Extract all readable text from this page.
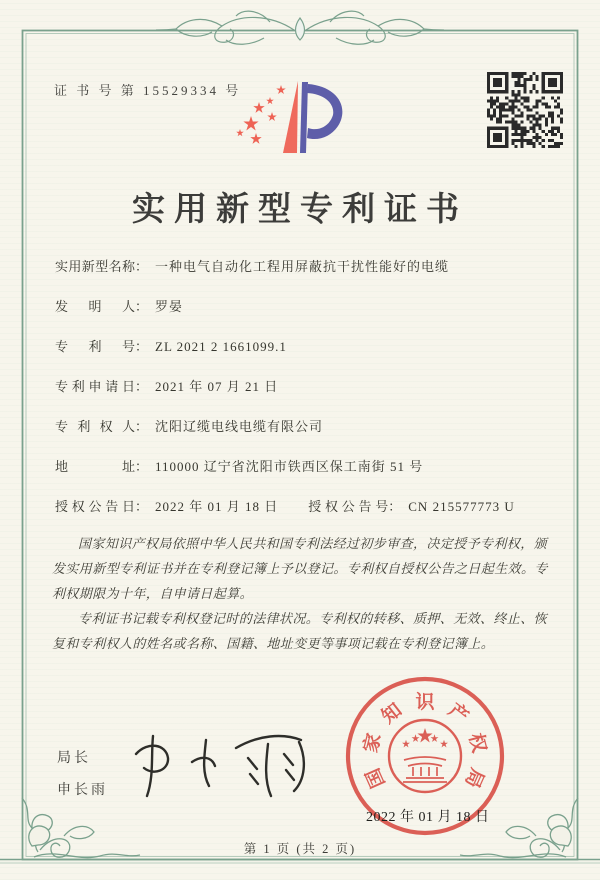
证 书 号 第 15529334 号
实用新型专利证书
实用新型名称： 一种电气自动化工程用屏蔽抗干扰性能好的电缆
发明人： 罗晏
专利号： ZL 2021 2 1661099.1
专利申请日： 2021 年 07 月 21 日
专利权人： 沈阳辽缆电线电缆有限公司
地址： 110000 辽宁省沈阳市铁西区保工南街 51 号
授权公告日： 2022 年 01 月 18 日 授权公告号： CN 215577773 U

国家知识产权局依照中华人民共和国专利法经过初步审查，决定授予专利权，颁发实用新型专利证书并在专利登记簿上予以登记。专利权自授权公告之日起生效。专利权期限为十年，自申请日起算。

专利证书记载专利权登记时的法律状况。专利权的转移、质押、无效、终止、恢复和专利权人的姓名或名称、国籍、地址变更等事项记载在专利登记簿上。

局长
申长雨	国
家
知 识 产
权
局
2022 年 01 月 18 日
第 1 页 (共 2 页)
